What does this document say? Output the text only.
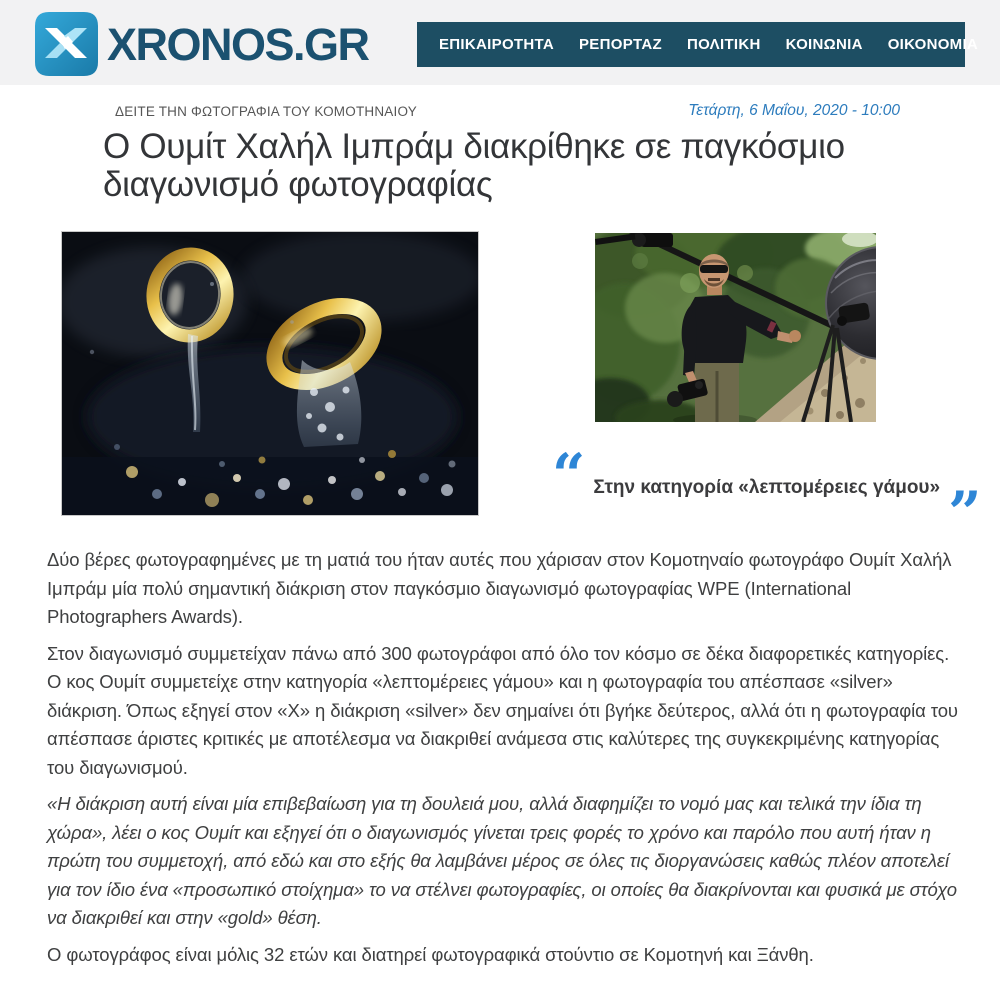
XRONOS.GR	ΕΠΙΚΑΙΡΟΤΗΤΑ ΡΕΠΟΡΤΑΖ ΠΟΛΙΤΙΚΗ ΚΟΙΝΩΝΙΑ ΟΙΚΟΝΟΜΙΑ
ΔΕΙΤΕ ΤΗΝ ΦΩΤΟΓΡΑΦΙΑ ΤΟΥ ΚΟΜΟΤΗΝΑΙΟΥ	Τετάρτη, 6 Μαΐου, 2020 - 10:00
Ο Ουμίτ Χαλήλ Ιμπράμ διακρίθηκε σε παγκόσμιο διαγωνισμό φωτογραφίας
“ Στην κατηγορία «λεπτομέρειες γάμου» ”

Δύο βέρες φωτογραφημένες με τη ματιά του ήταν αυτές που χάρισαν στον Κομοτηναίο φωτογράφο Ουμίτ Χαλήλ Ιμπράμ μία πολύ σημαντική διάκριση στον παγκόσμιο διαγωνισμό φωτογραφίας WPE (International Photographers Awards).

Στον διαγωνισμό συμμετείχαν πάνω από 300 φωτογράφοι από όλο τον κόσμο σε δέκα διαφορετικές κατηγορίες. Ο κος Ουμίτ συμμετείχε στην κατηγορία «λεπτομέρειες γάμου» και η φωτογραφία του απέσπασε «silver» διάκριση. Όπως εξηγεί στον «X» η διάκριση «silver» δεν σημαίνει ότι βγήκε δεύτερος, αλλά ότι η φωτογραφία του απέσπασε άριστες κριτικές με αποτέλεσμα να διακριθεί ανάμεσα στις καλύτερες της συγκεκριμένης κατηγορίας του διαγωνισμού.

«Η διάκριση αυτή είναι μία επιβεβαίωση για τη δουλειά μου, αλλά διαφημίζει το νομό μας και τελικά την ίδια τη χώρα», λέει ο κος Ουμίτ και εξηγεί ότι ο διαγωνισμός γίνεται τρεις φορές το χρόνο και παρόλο που αυτή ήταν η πρώτη του συμμετοχή, από εδώ και στο εξής θα λαμβάνει μέρος σε όλες τις διοργανώσεις καθώς πλέον αποτελεί για τον ίδιο ένα «προσωπικό στοίχημα» το να στέλνει φωτογραφίες, οι οποίες θα διακρίνονται και φυσικά με στόχο να διακριθεί και στην «gold» θέση.

Ο φωτογράφος είναι μόλις 32 ετών και διατηρεί φωτογραφικά στούντιο σε Κομοτηνή και Ξάνθη.
